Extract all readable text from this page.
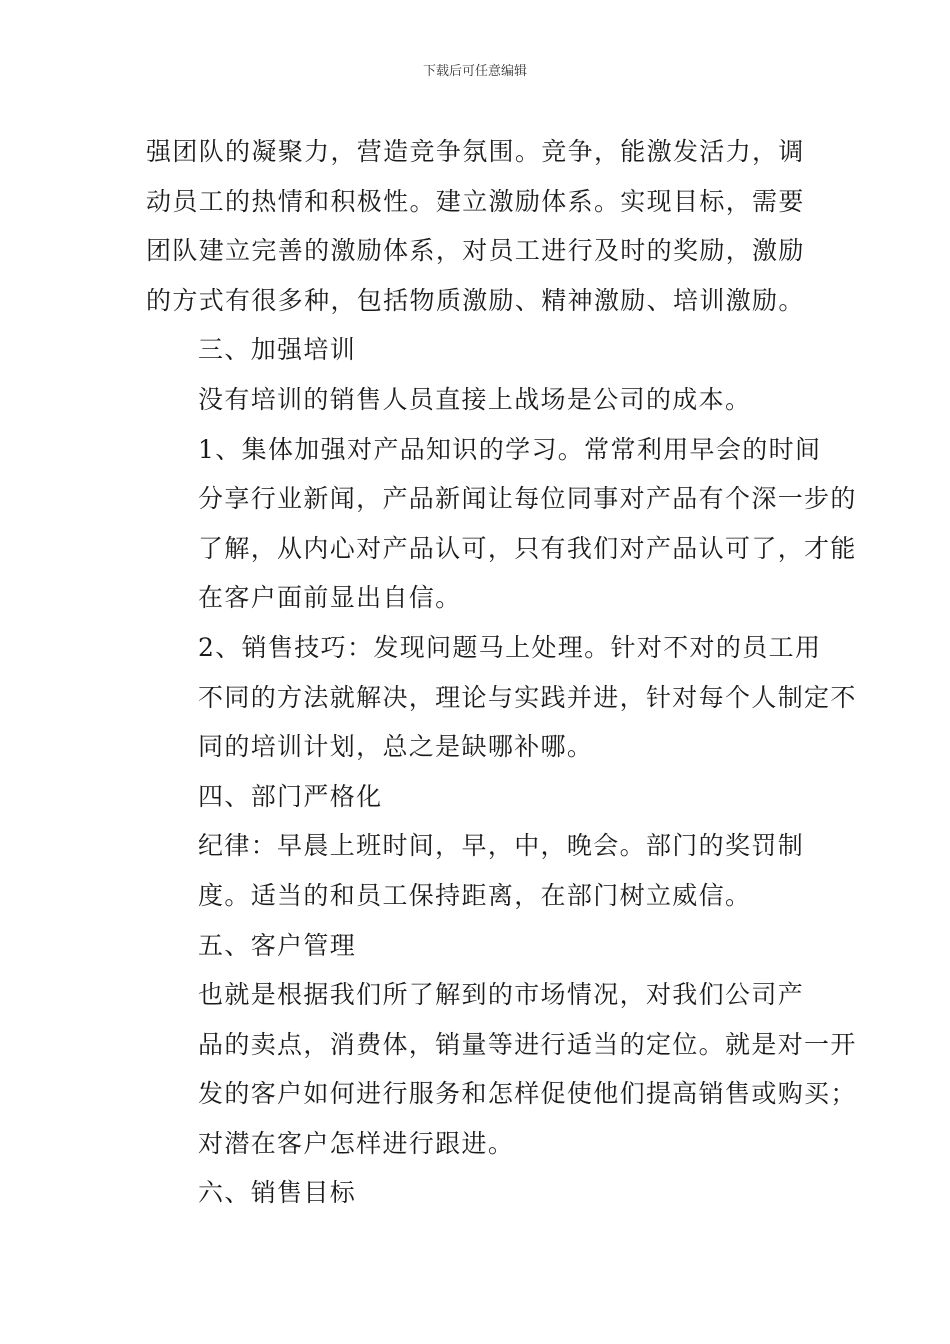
下载后可任意编辑

强团队的凝聚力，营造竞争氛围。竞争，能激发活力，调
动员工的热情和积极性。建立激励体系。实现目标，需要
团队建立完善的激励体系，对员工进行及时的奖励，激励
的方式有很多种，包括物质激励、精神激励、培训激励。

三、加强培训

没有培训的销售人员直接上战场是公司的成本。

1、集体加强对产品知识的学习。常常利用早会的时间
分享行业新闻，产品新闻让每位同事对产品有个深一步的
了解，从内心对产品认可，只有我们对产品认可了，才能
在客户面前显出自信。

2、销售技巧：发现问题马上处理。针对不对的员工用
不同的方法就解决，理论与实践并进，针对每个人制定不
同的培训计划，总之是缺哪补哪。

四、部门严格化

纪律：早晨上班时间，早，中，晚会。部门的奖罚制
度。适当的和员工保持距离，在部门树立威信。

五、客户管理

也就是根据我们所了解到的市场情况，对我们公司产
品的卖点，消费体，销量等进行适当的定位。就是对一开
发的客户如何进行服务和怎样促使他们提高销售或购买；
对潜在客户怎样进行跟进。

六、销售目标
